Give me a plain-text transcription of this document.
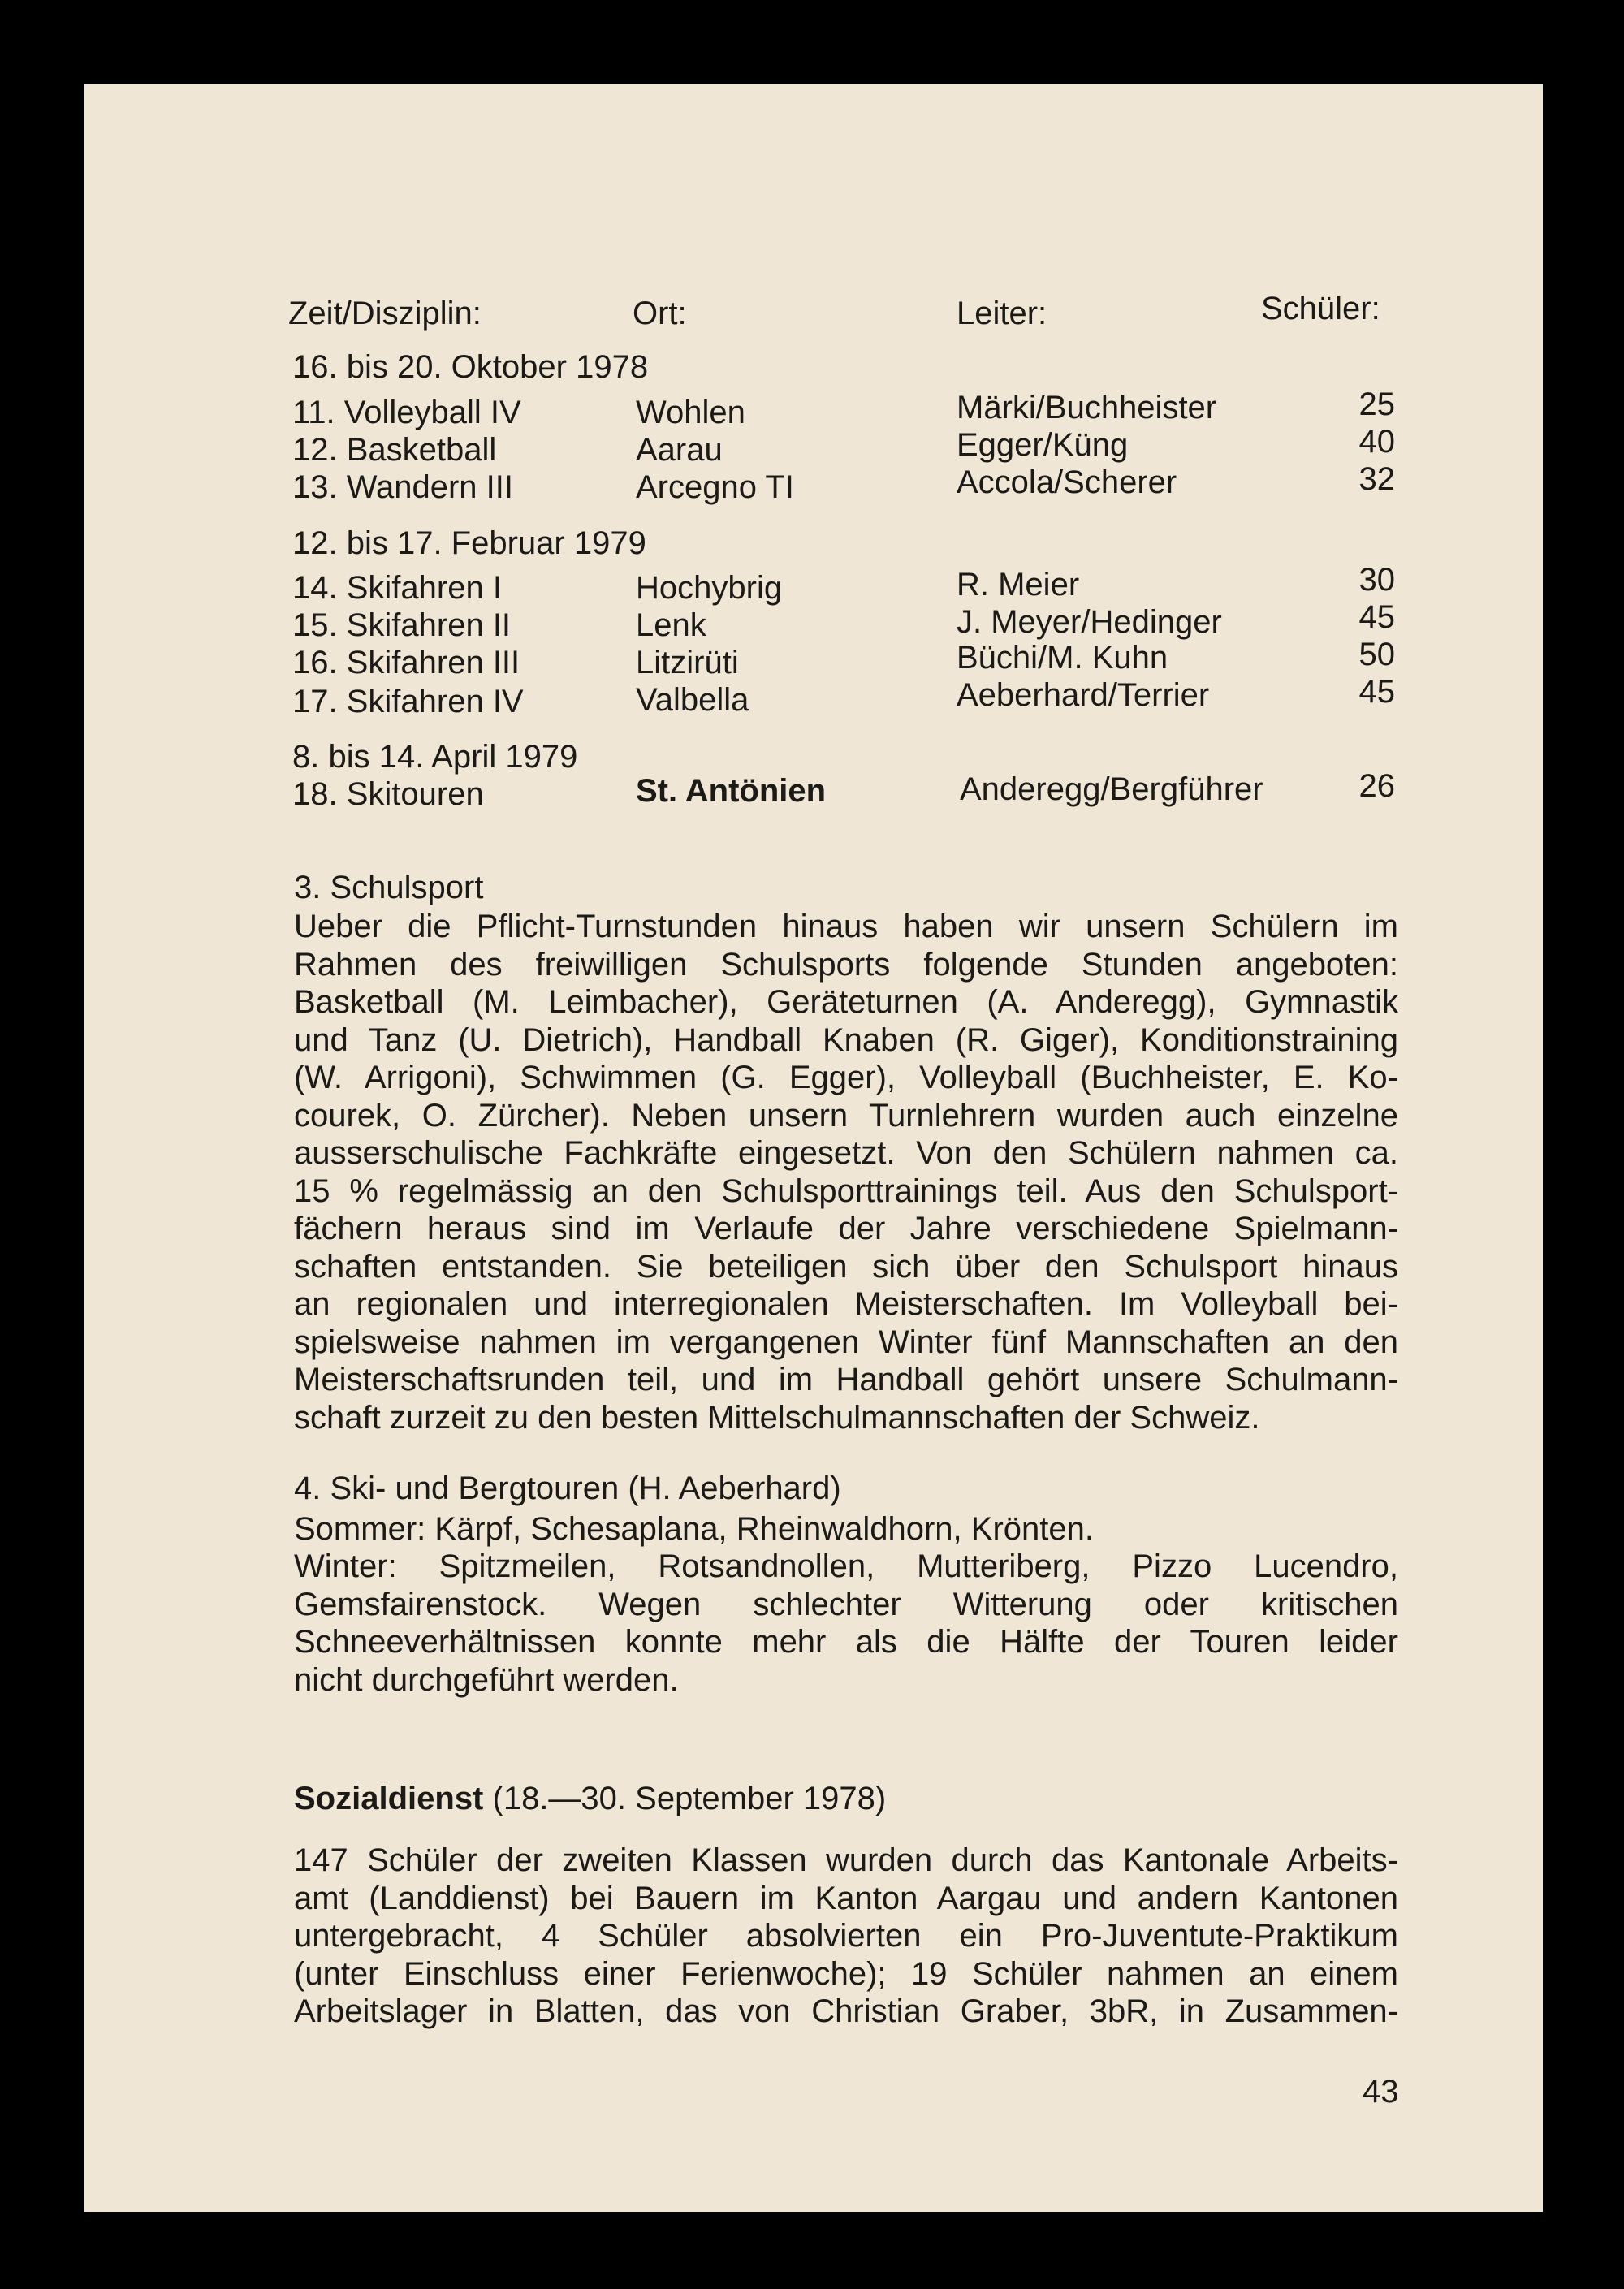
Zeit/Disziplin:	Ort:	Leiter:	Schüler:
16. bis 20. Oktober 1978
11. Volleyball IV	Wohlen	Märki/Buchheister	25
12. Basketball	Aarau	Egger/Küng	40
13. Wandern III	Arcegno TI	Accola/Scherer	32
12. bis 17. Februar 1979
14. Skifahren I	Hochybrig	R. Meier	30
15. Skifahren II	Lenk	J. Meyer/Hedinger	45
16. Skifahren III	Litzirüti	Büchi/M. Kuhn	50
17. Skifahren IV	Valbella	Aeberhard/Terrier	45
8. bis 14. April 1979
18. Skitouren	St. Antönien	Anderegg/Bergführer	26
3. Schulsport
Ueber die Pflicht-Turnstunden hinaus haben wir unsern Schülern im
Rahmen des freiwilligen Schulsports folgende Stunden angeboten:
Basketball (M. Leimbacher), Geräteturnen (A. Anderegg), Gymnastik
und Tanz (U. Dietrich), Handball Knaben (R. Giger), Konditionstraining
(W. Arrigoni), Schwimmen (G. Egger), Volleyball (Buchheister, E. Ko-
courek, O. Zürcher). Neben unsern Turnlehrern wurden auch einzelne
ausserschulische Fachkräfte eingesetzt. Von den Schülern nahmen ca.
15 % regelmässig an den Schulsporttrainings teil. Aus den Schulsport-
fächern heraus sind im Verlaufe der Jahre verschiedene Spielmann-
schaften entstanden. Sie beteiligen sich über den Schulsport hinaus
an regionalen und interregionalen Meisterschaften. Im Volleyball bei-
spielsweise nahmen im vergangenen Winter fünf Mannschaften an den
Meisterschaftsrunden teil, und im Handball gehört unsere Schulmann-
schaft zurzeit zu den besten Mittelschulmannschaften der Schweiz.
4. Ski- und Bergtouren (H. Aeberhard)
Sommer: Kärpf, Schesaplana, Rheinwaldhorn, Krönten.
Winter: Spitzmeilen, Rotsandnollen, Mutteriberg, Pizzo Lucendro,
Gemsfairenstock. Wegen schlechter Witterung oder kritischen
Schneeverhältnissen konnte mehr als die Hälfte der Touren leider
nicht durchgeführt werden.
Sozialdienst (18.—30. September 1978)
147 Schüler der zweiten Klassen wurden durch das Kantonale Arbeits-
amt (Landdienst) bei Bauern im Kanton Aargau und andern Kantonen
untergebracht, 4 Schüler absolvierten ein Pro-Juventute-Praktikum
(unter Einschluss einer Ferienwoche); 19 Schüler nahmen an einem
Arbeitslager in Blatten, das von Christian Graber, 3bR, in Zusammen-
43
